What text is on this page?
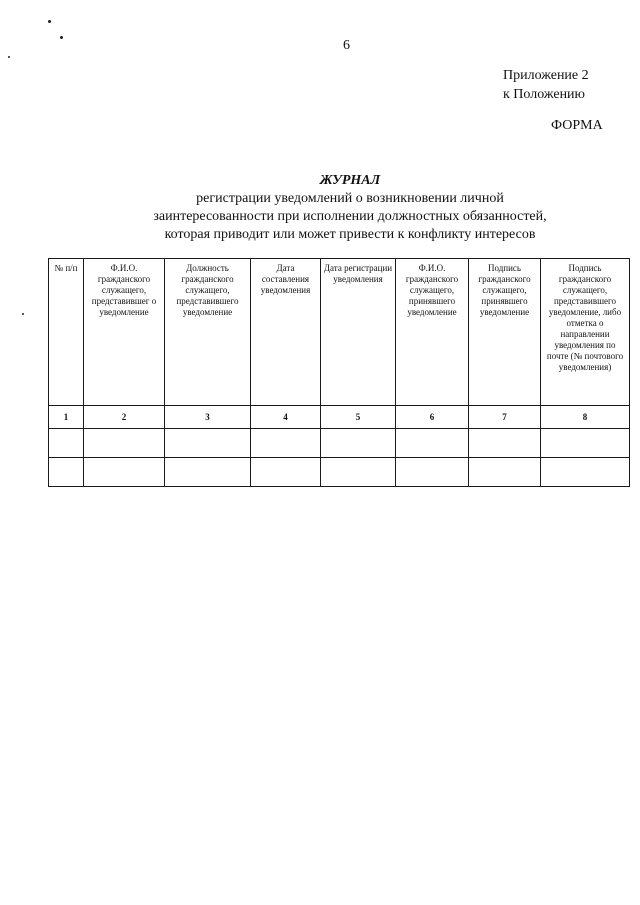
6
Приложение 2
к Положению
ФОРМА
ЖУРНАЛ
регистрации уведомлений о возникновении личной
заинтересованности при исполнении должностных обязанностей,
которая приводит или может привести к конфликту интересов
№ п/п	Ф.И.О. гражданского служащего, представившег о уведомление	Должность гражданского служащего, представившего уведомление	Дата составления уведомления	Дата регистрации уведомления	Ф.И.О. гражданского служащего, принявшего уведомление	Подпись гражданского служащего, принявшего уведомление	Подпись гражданского служащего, представившего уведомление, либо отметка о направлении уведомления по почте (№ почтового уведомления)
1	2	3	4	5	6	7	8
